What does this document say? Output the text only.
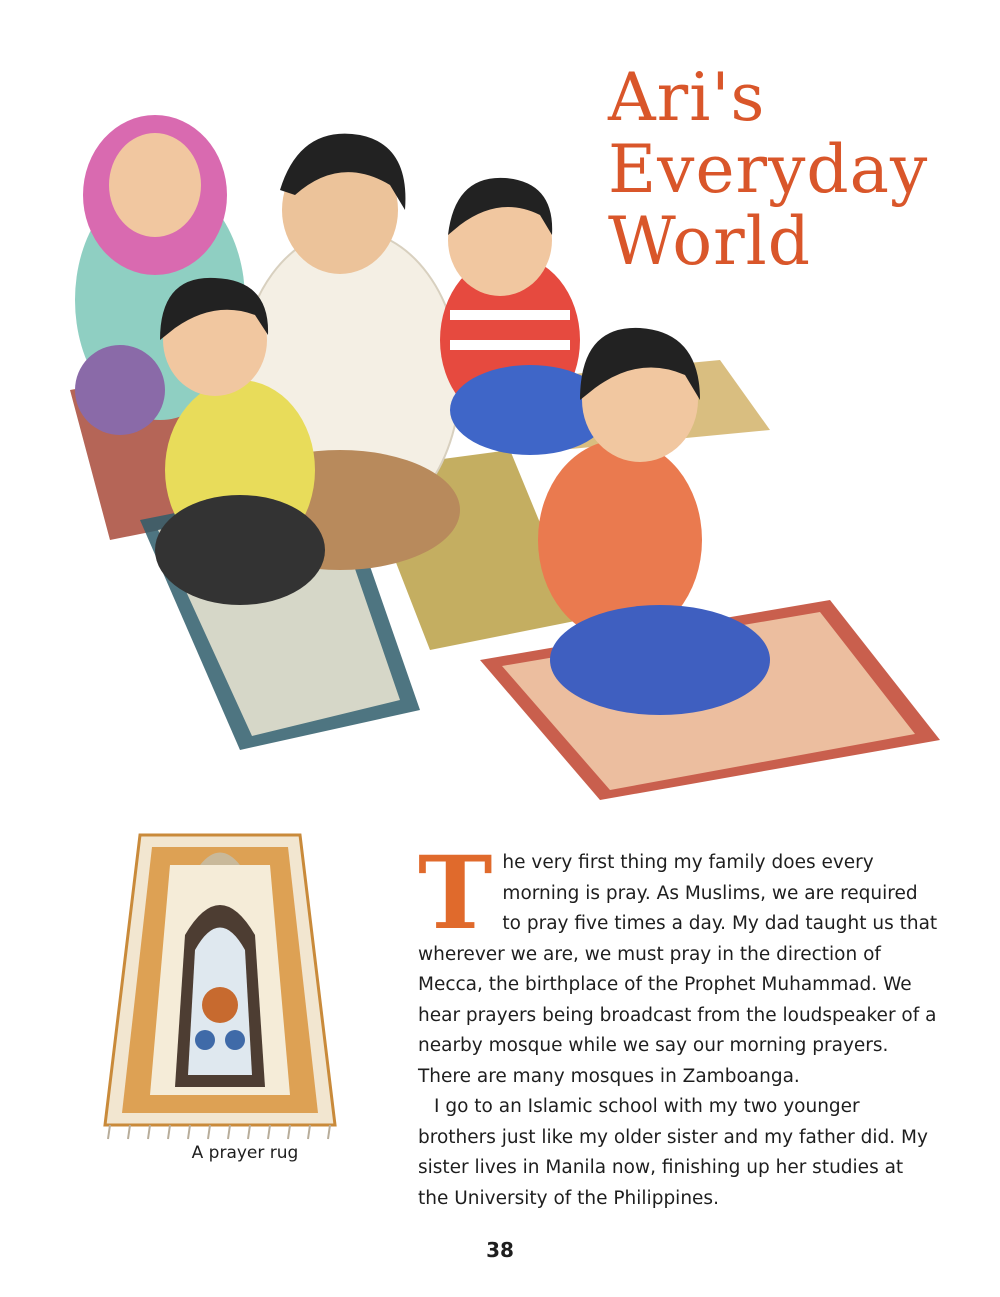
Ari's
Everyday
World
A prayer rug

The very first thing my family does every morning is pray. As Muslims, we are required to pray five times a day. My dad taught us that wherever we are, we must pray in the direction of Mecca, the birthplace of the Prophet Muhammad. We hear prayers being broadcast from the loudspeaker of a nearby mosque while we say our morning prayers. There are many mosques in Zamboanga.

I go to an Islamic school with my two younger brothers just like my older sister and my father did. My sister lives in Manila now, finishing up her studies at the University of the Philippines.

38
